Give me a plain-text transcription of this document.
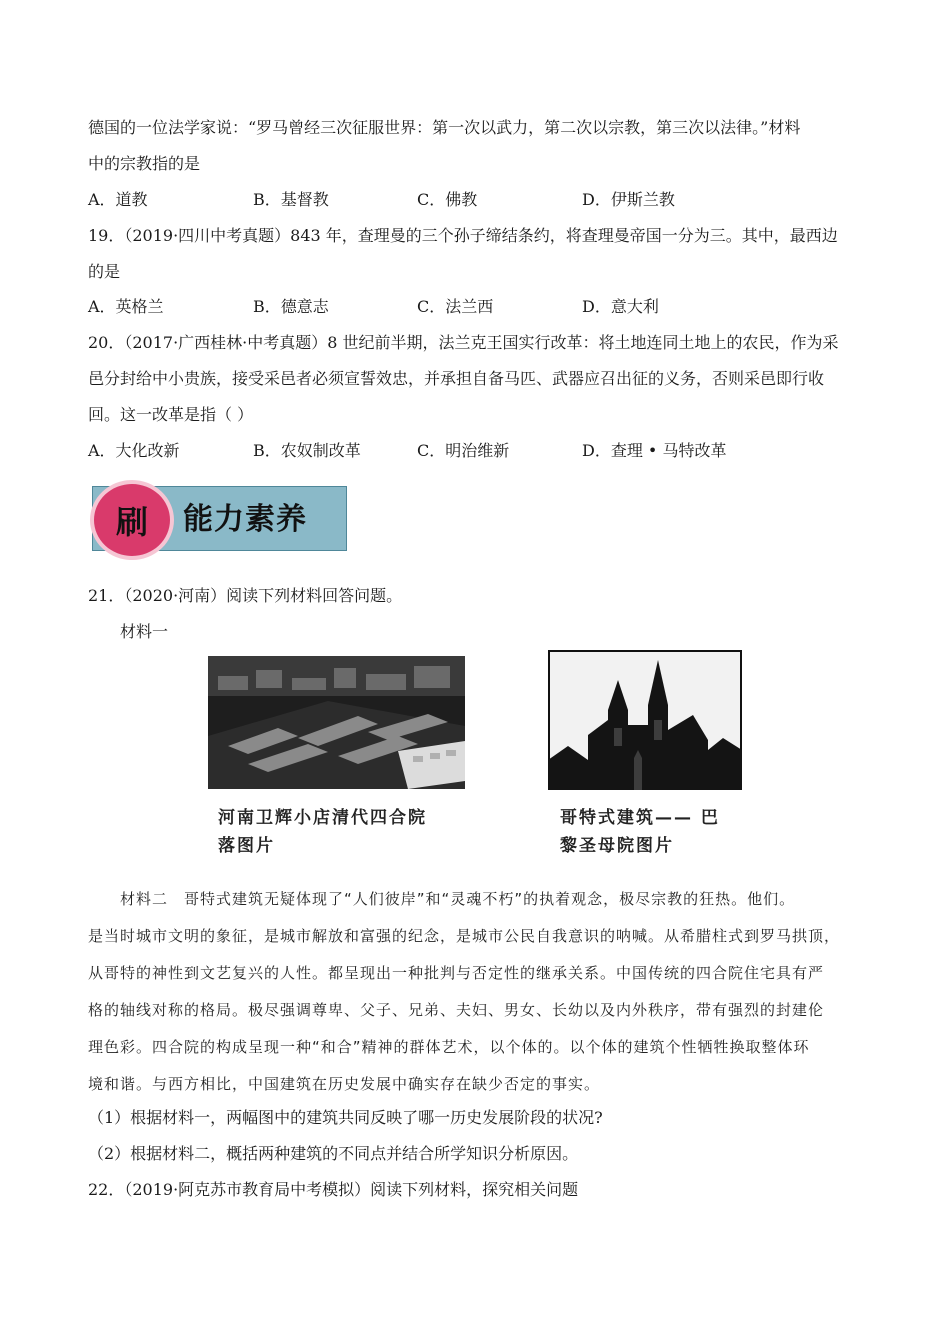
德国的一位法学家说：“罗马曾经三次征服世界：第一次以武力，第二次以宗教，第三次以法律。”材料
中的宗教指的是
A．道教	B．基督教	C．佛教	D．伊斯兰教
19．（2019·四川中考真题）843 年，查理曼的三个孙子缔结条约，将查理曼帝国一分为三。其中，最西边
的是
A．英格兰	B．德意志	C．法兰西	D．意大利
20．（2017·广西桂林·中考真题）8 世纪前半期，法兰克王国实行改革：将土地连同土地上的农民，作为采
邑分封给中小贵族，接受采邑者必须宣誓效忠，并承担自备马匹、武器应召出征的义务，否则采邑即行收
回。这一改革是指（ ）
A．大化改新	B．农奴制改革	C．明治维新	D．查理 • 马特改革
能力素养
刷
21．（2020·河南）阅读下列材料回答问题。
材料一
河南卫辉小店清代四合院
落图片
哥特式建筑—— 巴
黎圣母院图片
材料二　哥特式建筑无疑体现了“人们彼岸”和“灵魂不朽”的执着观念，极尽宗教的狂热。他们。
是当时城市文明的象征，是城市解放和富强的纪念，是城市公民自我意识的呐喊。从希腊柱式到罗马拱顶，
从哥特的神性到文艺复兴的人性。都呈现出一种批判与否定性的继承关系。中国传统的四合院住宅具有严
格的轴线对称的格局。极尽强调尊卑、父子、兄弟、夫妇、男女、长幼以及内外秩序，带有强烈的封建伦
理色彩。四合院的构成呈现一种“和合”精神的群体艺术，以个体的。以个体的建筑个性牺牲换取整体环
境和谐。与西方相比，中国建筑在历史发展中确实存在缺少否定的事实。
（1）根据材料一，两幅图中的建筑共同反映了哪一历史发展阶段的状况?
（2）根据材料二，概括两种建筑的不同点并结合所学知识分析原因。
22．（2019·阿克苏市教育局中考模拟）阅读下列材料，探究相关问题
